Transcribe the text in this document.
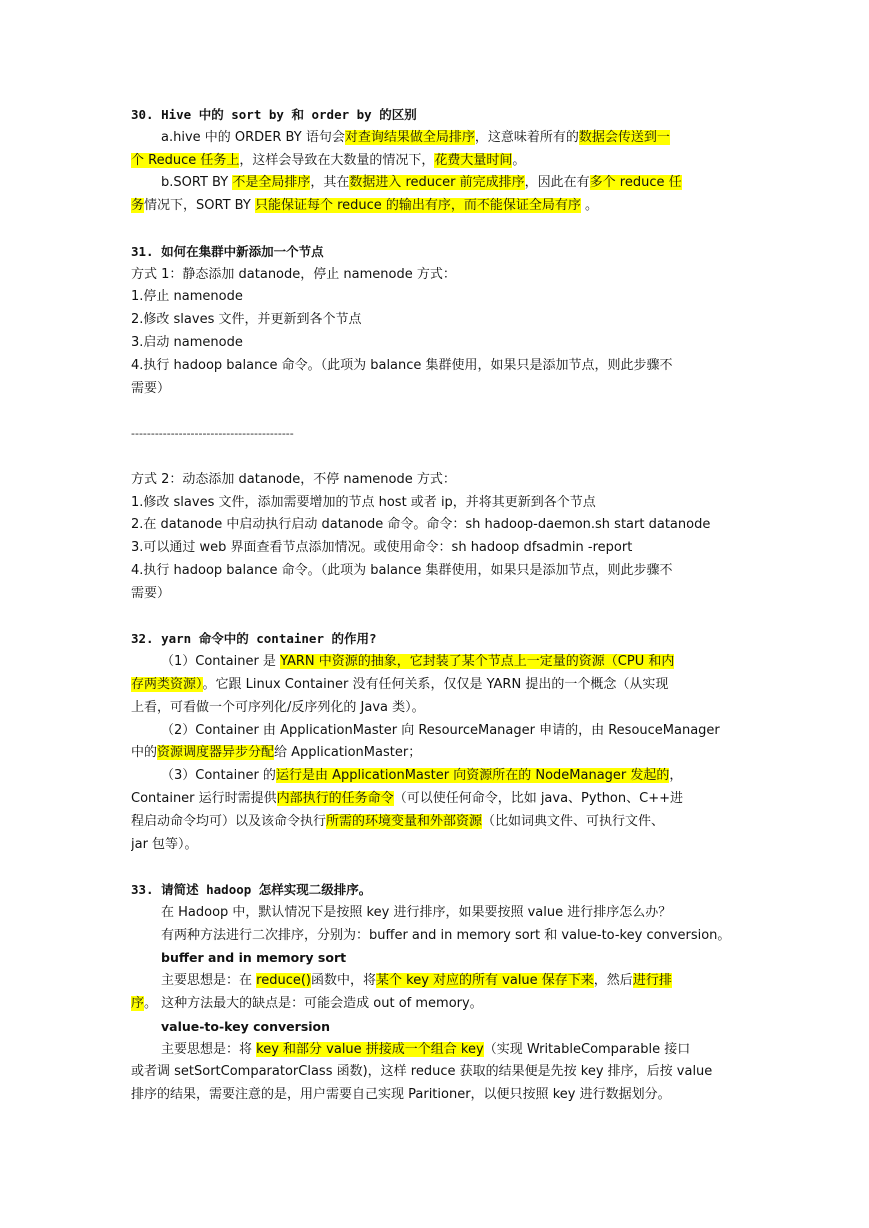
30. Hive 中的 sort by 和 order by 的区别
a.hive 中的 ORDER BY 语句会对查询结果做全局排序，这意味着所有的数据会传送到一
个 Reduce 任务上，这样会导致在大数量的情况下，花费大量时间。
b.SORT BY 不是全局排序，其在数据进入 reducer 前完成排序，因此在有多个 reduce 任
务情况下，SORT BY 只能保证每个 reduce 的输出有序，而不能保证全局有序 。
31. 如何在集群中新添加一个节点
方式 1：静态添加 datanode，停止 namenode 方式：
1.停止 namenode
2.修改 slaves 文件，并更新到各个节点
3.启动 namenode
4.执行 hadoop balance 命令。（此项为 balance 集群使用，如果只是添加节点，则此步骤不
需要）
-----------------------------------------
方式 2：动态添加 datanode，不停 namenode 方式：
1.修改 slaves 文件，添加需要增加的节点 host 或者 ip，并将其更新到各个节点
2.在 datanode 中启动执行启动 datanode 命令。命令：sh hadoop-daemon.sh start datanode
3.可以通过 web 界面查看节点添加情况。或使用命令：sh hadoop dfsadmin -report
4.执行 hadoop balance 命令。（此项为 balance 集群使用，如果只是添加节点，则此步骤不
需要）
32. yarn 命令中的 container 的作用?
（1）Container 是 YARN 中资源的抽象，它封装了某个节点上一定量的资源（CPU 和内
存两类资源）。它跟 Linux Container 没有任何关系，仅仅是 YARN 提出的一个概念（从实现
上看，可看做一个可序列化/反序列化的 Java 类）。
（2）Container 由 ApplicationMaster 向 ResourceManager 申请的，由 ResouceManager
中的资源调度器异步分配给 ApplicationMaster；
（3）Container 的运行是由 ApplicationMaster 向资源所在的 NodeManager 发起的，
Container 运行时需提供内部执行的任务命令（可以使任何命令，比如 java、Python、C++进
程启动命令均可）以及该命令执行所需的环境变量和外部资源（比如词典文件、可执行文件、
jar 包等）。
33. 请简述 hadoop 怎样实现二级排序。
在 Hadoop 中，默认情况下是按照 key 进行排序，如果要按照 value 进行排序怎么办？
有两种方法进行二次排序，分别为：buffer and in memory sort 和 value-to-key conversion。
buffer and in memory sort
主要思想是：在 reduce()函数中，将某个 key 对应的所有 value 保存下来，然后进行排
序。 这种方法最大的缺点是：可能会造成 out of memory。
value-to-key conversion
主要思想是：将 key 和部分 value 拼接成一个组合 key（实现 WritableComparable 接口
或者调 setSortComparatorClass 函数)，这样 reduce 获取的结果便是先按 key 排序，后按 value
排序的结果，需要注意的是，用户需要自己实现 Paritioner，以便只按照 key 进行数据划分。
